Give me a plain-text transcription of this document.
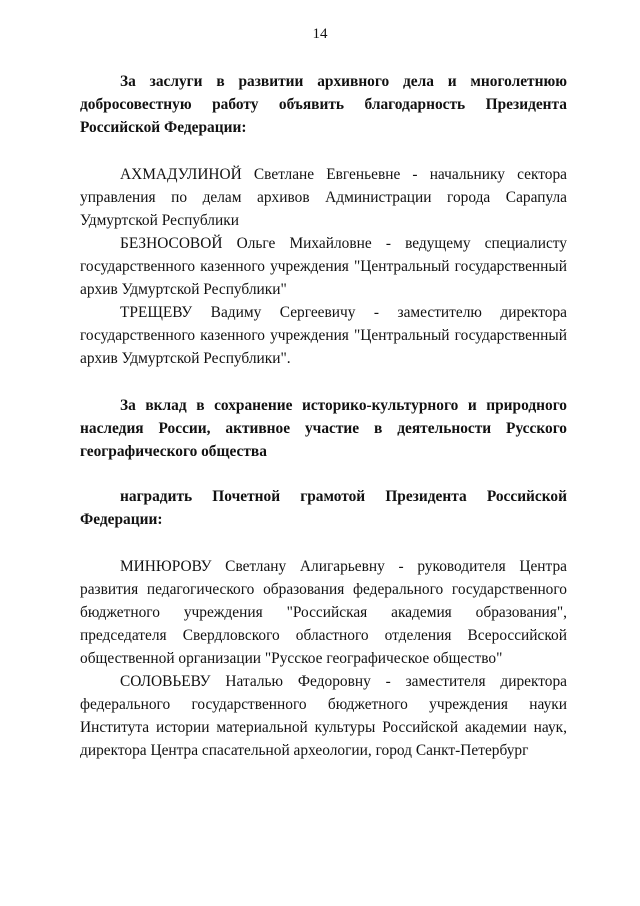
14

За заслуги в развитии архивного дела и многолетнюю добросовестную работу объявить благодарность Президента Российской Федерации:

АХМАДУЛИНОЙ Светлане Евгеньевне - начальнику сектора управления по делам архивов Администрации города Сарапула Удмуртской Республики

БЕЗНОСОВОЙ Ольге Михайловне - ведущему специалисту государственного казенного учреждения "Центральный государственный архив Удмуртской Республики"

ТРЕЩЕВУ Вадиму Сергеевичу - заместителю директора государственного казенного учреждения "Центральный государственный архив Удмуртской Республики".

За вклад в сохранение историко-культурного и природного наследия России, активное участие в деятельности Русского географического общества

наградить Почетной грамотой Президента Российской Федерации:

МИНЮРОВУ Светлану Алигарьевну - руководителя Центра развития педагогического образования федерального государственного бюджетного учреждения "Российская академия образования", председателя Свердловского областного отделения Всероссийской общественной организации "Русское географическое общество"

СОЛОВЬЕВУ Наталью Федоровну - заместителя директора федерального государственного бюджетного учреждения науки Института истории материальной культуры Российской академии наук, директора Центра спасательной археологии, город Санкт-Петербург
